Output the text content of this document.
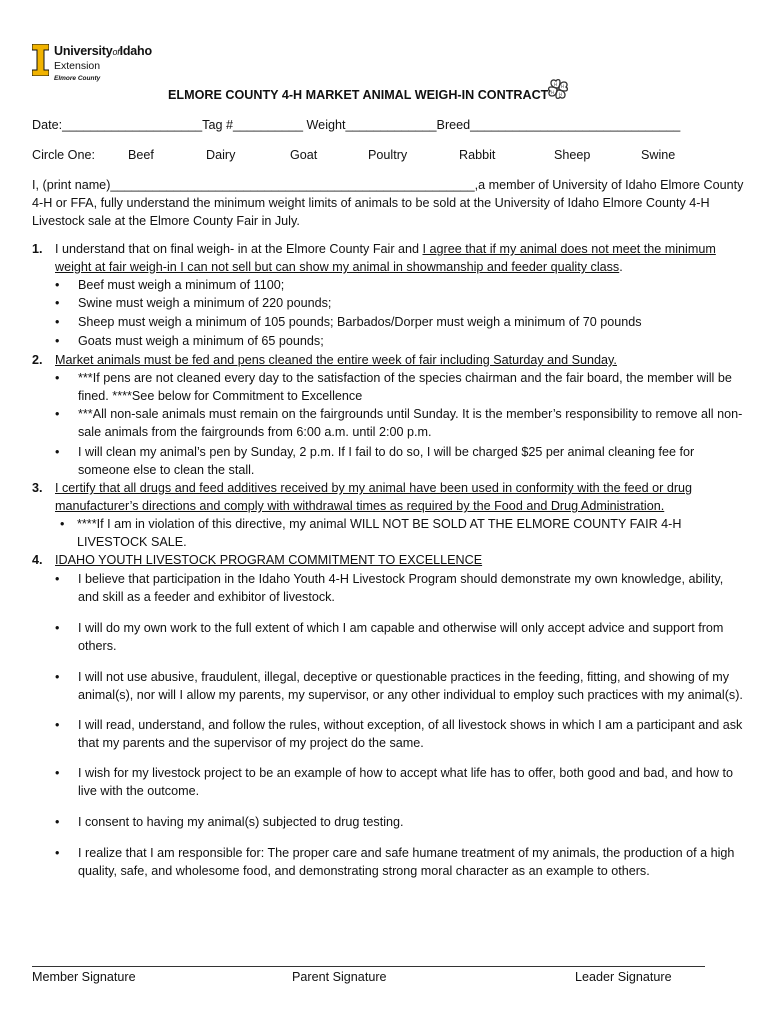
UniversityofIdaho
Extension
Elmore County
ELMORE COUNTY 4-H MARKET ANIMAL WEIGH-IN CONTRACT
H H
H
H
Date:____________________Tag #__________ Weight_____________Breed______________________________
Circle One:	Beef	Dairy	Goat	Poultry	Rabbit	Sheep	Swine
I, (print name)____________________________________________________,a member of University of Idaho Elmore County 4-H or FFA, fully understand the minimum weight limits of animals to be sold at the University of Idaho Elmore County 4-H Livestock sale at the Elmore County Fair in July.
1. I understand that on final weigh- in at the Elmore County Fair and I agree that if my animal does not meet the minimum
weight at fair weigh-in I can not sell but can show my animal in showmanship and feeder quality class.
• Beef must weigh a minimum of 1100;
• Swine must weigh a minimum of 220 pounds;
• Sheep must weigh a minimum of 105 pounds; Barbados/Dorper must weigh a minimum of 70 pounds
• Goats must weigh a minimum of 65 pounds;
2. Market animals must be fed and pens cleaned the entire week of fair including Saturday and Sunday.
• ***If pens are not cleaned every day to the satisfaction of the species chairman and the fair board, the member will be fined. ****See below for Commitment to Excellence
• ***All non-sale animals must remain on the fairgrounds until Sunday. It is the member’s responsibility to remove all non-sale animals from the fairgrounds from 6:00 a.m. until 2:00 p.m.
• I will clean my animal’s pen by Sunday, 2 p.m. If I fail to do so, I will be charged $25 per animal cleaning fee for someone else to clean the stall.
3. I certify that all drugs and feed additives received by my animal have been used in conformity with the feed or drug
manufacturer’s directions and comply with withdrawal times as required by the Food and Drug Administration.
• ****If I am in violation of this directive, my animal WILL NOT BE SOLD AT THE ELMORE COUNTY FAIR 4-H LIVESTOCK SALE.
4. IDAHO YOUTH LIVESTOCK PROGRAM COMMITMENT TO EXCELLENCE
• I believe that participation in the Idaho Youth 4-H Livestock Program should demonstrate my own knowledge, ability, and skill as a feeder and exhibitor of livestock.
• I will do my own work to the full extent of which I am capable and otherwise will only accept advice and support from others.
• I will not use abusive, fraudulent, illegal, deceptive or questionable practices in the feeding, fitting, and showing of my animal(s), nor will I allow my parents, my supervisor, or any other individual to employ such practices with my animal(s).
• I will read, understand, and follow the rules, without exception, of all livestock shows in which I am a participant and ask that my parents and the supervisor of my project do the same.
• I wish for my livestock project to be an example of how to accept what life has to offer, both good and bad, and how to live with the outcome.
• I consent to having my animal(s) subjected to drug testing.
• I realize that I am responsible for: The proper care and safe humane treatment of my animals, the production of a high quality, safe, and wholesome food, and demonstrating strong moral character as an example to others.
Member Signature	Parent Signature	Leader Signature
